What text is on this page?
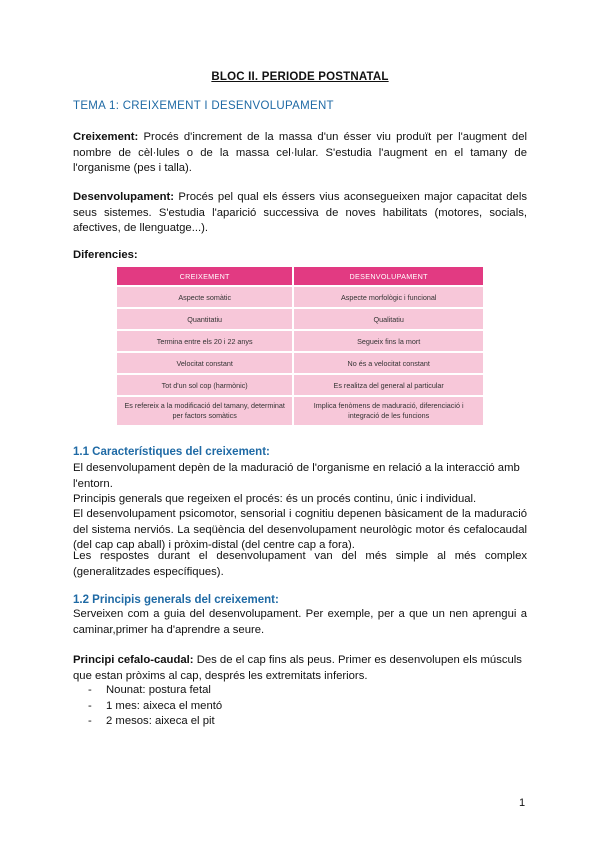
BLOC II. PERIODE POSTNATAL
TEMA 1: CREIXEMENT I DESENVOLUPAMENT
Creixement: Procés d'increment de la massa d'un ésser viu produït per l'augment del nombre de cèl·lules o de la massa cel·lular. S'estudia l'augment en el tamany de l'organisme (pes i talla).
Desenvolupament: Procés pel qual els éssers vius aconsegueixen major capacitat dels seus sistemes. S'estudia l'aparició successiva de noves habilitats (motores, socials, afectives, de llenguatge...).
Diferencies:
CREIXEMENT	DESENVOLUPAMENT
Aspecte somàtic	Aspecte morfològic i funcional
Quantitatiu	Qualitatiu
Termina entre els 20 i 22 anys	Segueix fins la mort
Velocitat constant	No és a velocitat constant
Tot d'un sol cop (harmònic)	Es realitza del general al particular
Es refereix a la modificació del tamany, determinat per factors somàtics	Implica fenòmens de maduració, diferenciació i integració de les funcions
1.1 Característiques del creixement:
El desenvolupament depèn de la maduració de l'organisme en relació a la interacció amb l'entorn.
Principis generals que regeixen el procés: és un procés continu, únic i individual.
El desenvolupament psicomotor, sensorial i cognitiu depenen bàsicament de la maduració del sistema nerviós. La seqüència del desenvolupament neurològic motor és cefalocaudal (del cap cap aball) i pròxim-distal (del centre cap a fora).
Les respostes durant el desenvolupament van del més simple al més complex (generalitzades específiques).
1.2 Principis generals del creixement:
Serveixen com a guia del desenvolupament. Per exemple, per a que un nen aprengui a caminar,primer ha d'aprendre a seure.
Principi cefalo-caudal: Des de el cap fins als peus. Primer es desenvolupen els músculs que estan pròxims al cap, després les extremitats inferiors.
- Nounat: postura fetal
- 1 mes: aixeca el mentó
- 2 mesos: aixeca el pit
1
